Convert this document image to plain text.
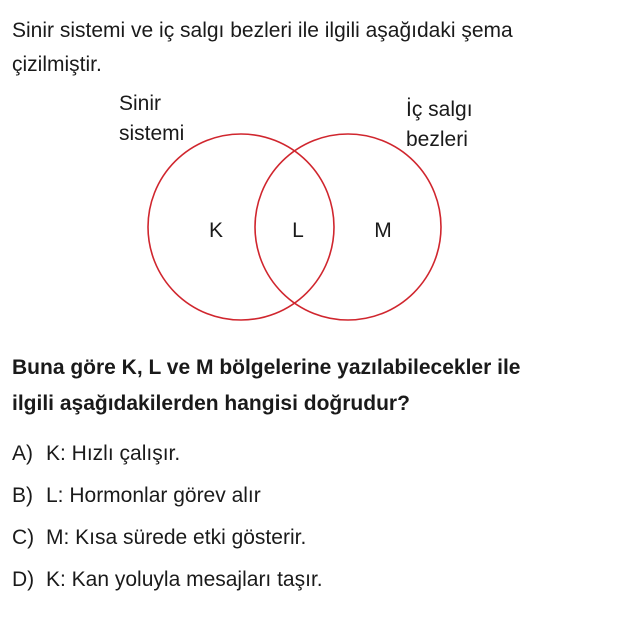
Sinir sistemi ve iç salgı bezleri ile ilgili aşağıdaki şema
çizilmiştir.
Sinir
sistemi
İç salgı
bezleri
K	L	M
Buna göre K, L ve M bölgelerine yazılabilecekler ile
ilgili aşağıdakilerden hangisi doğrudur?
A) K: Hızlı çalışır.
B) L: Hormonlar görev alır
C) M: Kısa sürede etki gösterir.
D) K: Kan yoluyla mesajları taşır.
